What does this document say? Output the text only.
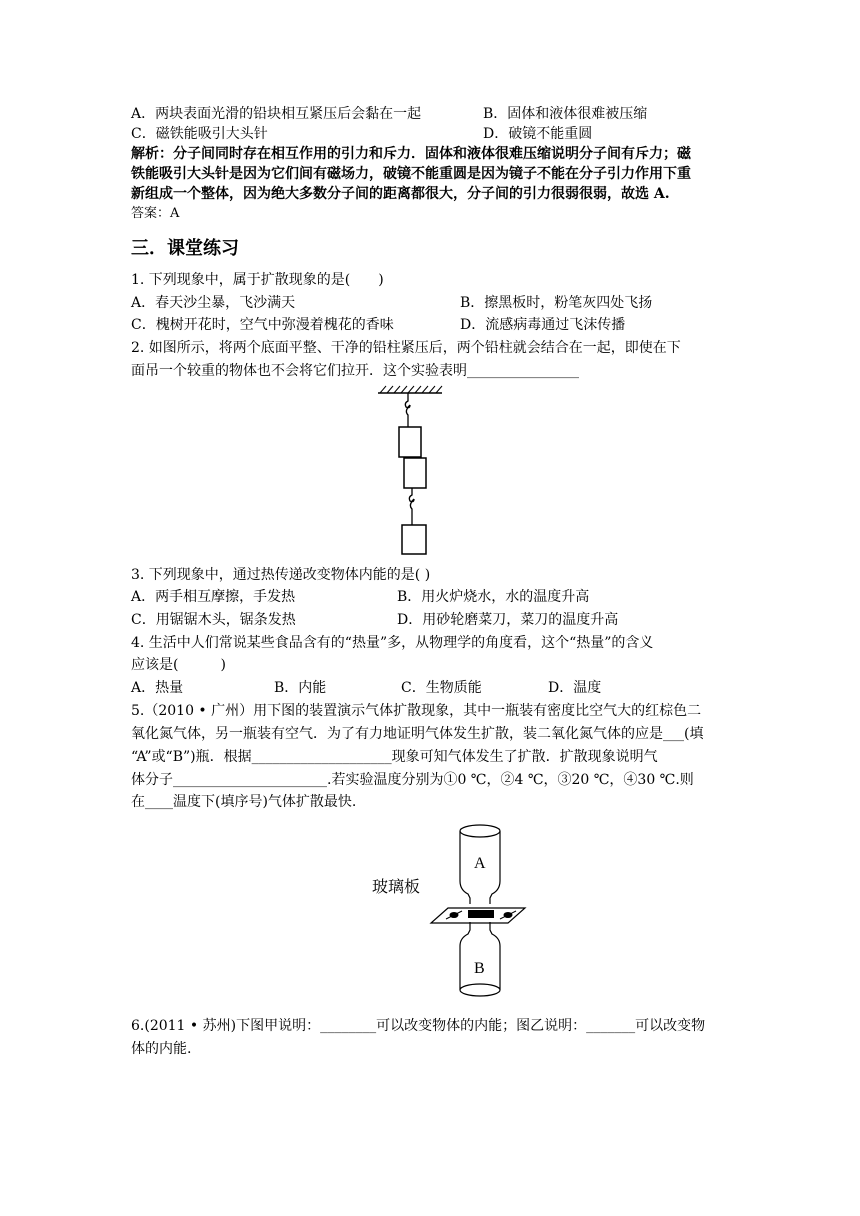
A．两块表面光滑的铅块相互紧压后会黏在一起	B．固体和液体很难被压缩
C．磁铁能吸引大头针	D．破镜不能重圆
解析：分子间同时存在相互作用的引力和斥力．固体和液体很难压缩说明分子间有斥力；磁
铁能吸引大头针是因为它们间有磁场力，破镜不能重圆是因为镜子不能在分子引力作用下重
新组成一个整体，因为绝大多数分子间的距离都很大，分子间的引力很弱很弱，故选 A.
答案：A
三．课堂练习
1. 下列现象中，属于扩散现象的是(　　)
A．春天沙尘暴，飞沙满天	B．擦黑板时，粉笔灰四处飞扬
C．槐树开花时，空气中弥漫着槐花的香味	D．流感病毒通过飞沫传播
2. 如图所示，将两个底面平整、干净的铅柱紧压后，两个铅柱就会结合在一起，即使在下
面吊一个较重的物体也不会将它们拉开．这个实验表明________________
3. 下列现象中，通过热传递改变物体内能的是( )
A．两手相互摩擦，手发热	B．用火炉烧水，水的温度升高
C．用锯锯木头，锯条发热	D．用砂轮磨菜刀，菜刀的温度升高
4. 生活中人们常说某些食品含有的“热量”多，从物理学的角度看，这个“热量”的含义
应该是(　　　)
A．热量	B．内能	C．生物质能	D．温度
5.（2010 • 广州）用下图的装置演示气体扩散现象，其中一瓶装有密度比空气大的红棕色二
氧化氮气体，另一瓶装有空气．为了有力地证明气体发生扩散，装二氧化氮气体的应是___(填
“A”或“B”)瓶．根据____________________现象可知气体发生了扩散．扩散现象说明气
体分子______________________.若实验温度分别为①0 ℃，②4 ℃，③20 ℃，④30 ℃.则
在____温度下(填序号)气体扩散最快.
A
B
玻璃板
6.(2011 • 苏州)下图甲说明：________可以改变物体的内能；图乙说明：_______可以改变物
体的内能.
